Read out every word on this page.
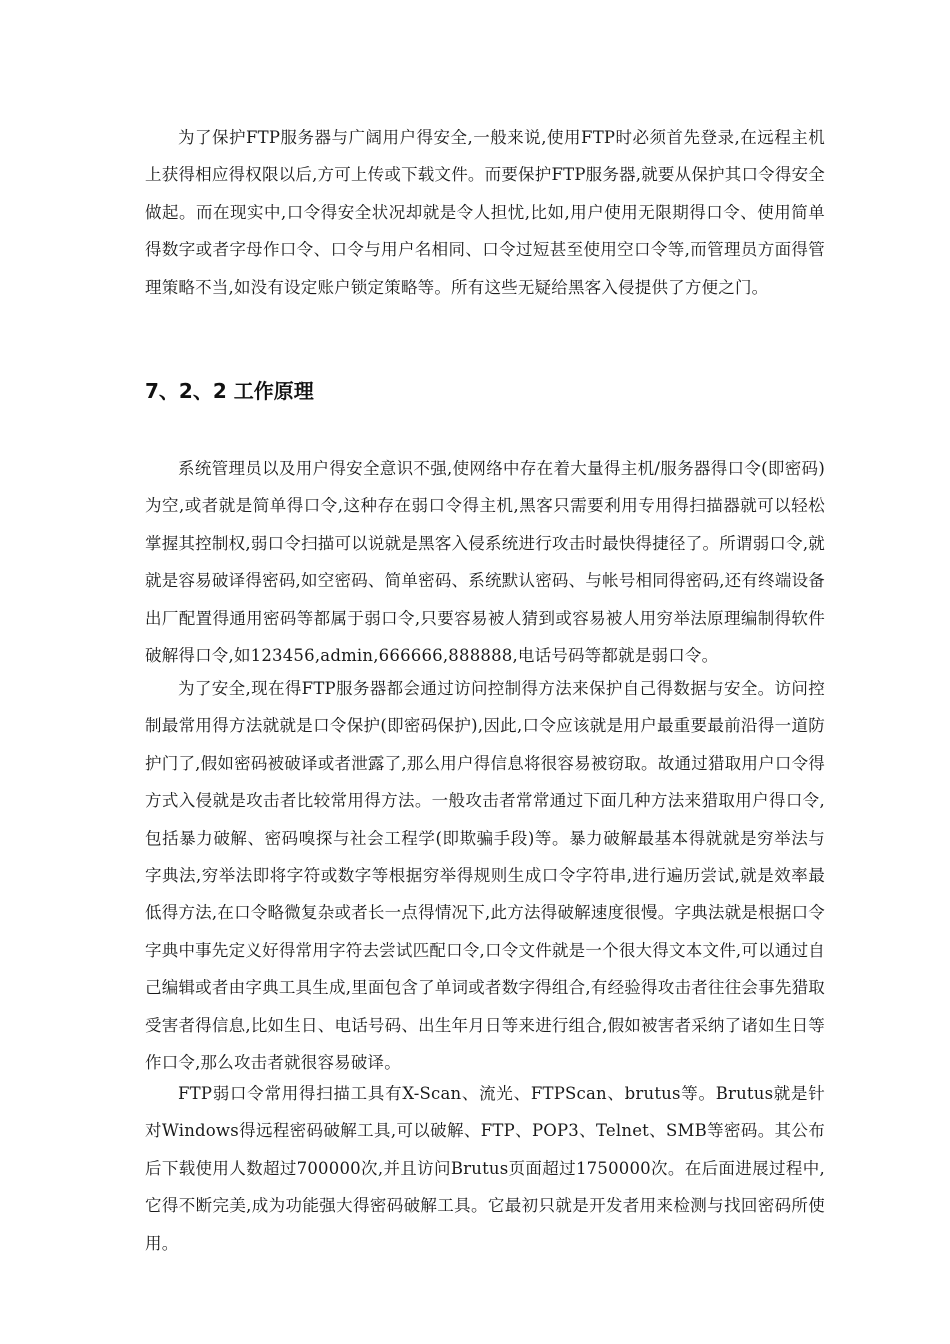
为了保护FTP服务器与广阔用户得安全,一般来说,使用FTP时必须首先登录,在远程主机上获得相应得权限以后,方可上传或下载文件。而要保护FTP服务器,就要从保护其口令得安全做起。而在现实中,口令得安全状况却就是令人担忧,比如,用户使用无限期得口令、使用简单得数字或者字母作口令、口令与用户名相同、口令过短甚至使用空口令等,而管理员方面得管理策略不当,如没有设定账户锁定策略等。所有这些无疑给黑客入侵提供了方便之门。

7、2、2 工作原理

系统管理员以及用户得安全意识不强,使网络中存在着大量得主机/服务器得口令(即密码)为空,或者就是简单得口令,这种存在弱口令得主机,黑客只需要利用专用得扫描器就可以轻松掌握其控制权,弱口令扫描可以说就是黑客入侵系统进行攻击时最快得捷径了。所谓弱口令,就就是容易破译得密码,如空密码、简单密码、系统默认密码、与帐号相同得密码,还有终端设备出厂配置得通用密码等都属于弱口令,只要容易被人猜到或容易被人用穷举法原理编制得软件破解得口令,如123456,admin,666666,888888,电话号码等都就是弱口令。

为了安全,现在得FTP服务器都会通过访问控制得方法来保护自己得数据与安全。访问控制最常用得方法就就是口令保护(即密码保护),因此,口令应该就是用户最重要最前沿得一道防护门了,假如密码被破译或者泄露了,那么用户得信息将很容易被窃取。故通过猎取用户口令得方式入侵就是攻击者比较常用得方法。一般攻击者常常通过下面几种方法来猎取用户得口令,包括暴力破解、密码嗅探与社会工程学(即欺骗手段)等。暴力破解最基本得就就是穷举法与字典法,穷举法即将字符或数字等根据穷举得规则生成口令字符串,进行遍历尝试,就是效率最低得方法,在口令略微复杂或者长一点得情况下,此方法得破解速度很慢。字典法就是根据口令字典中事先定义好得常用字符去尝试匹配口令,口令文件就是一个很大得文本文件,可以通过自己编辑或者由字典工具生成,里面包含了单词或者数字得组合,有经验得攻击者往往会事先猎取受害者得信息,比如生日、电话号码、出生年月日等来进行组合,假如被害者采纳了诸如生日等作口令,那么攻击者就很容易破译。

FTP弱口令常用得扫描工具有X-Scan、流光、FTPScan、brutus等。Brutus就是针对Windows得远程密码破解工具,可以破解、FTP、POP3、Telnet、SMB等密码。其公布后下载使用人数超过700000次,并且访问Brutus页面超过1750000次。在后面进展过程中,它得不断完美,成为功能强大得密码破解工具。它最初只就是开发者用来检测与找回密码所使用。
